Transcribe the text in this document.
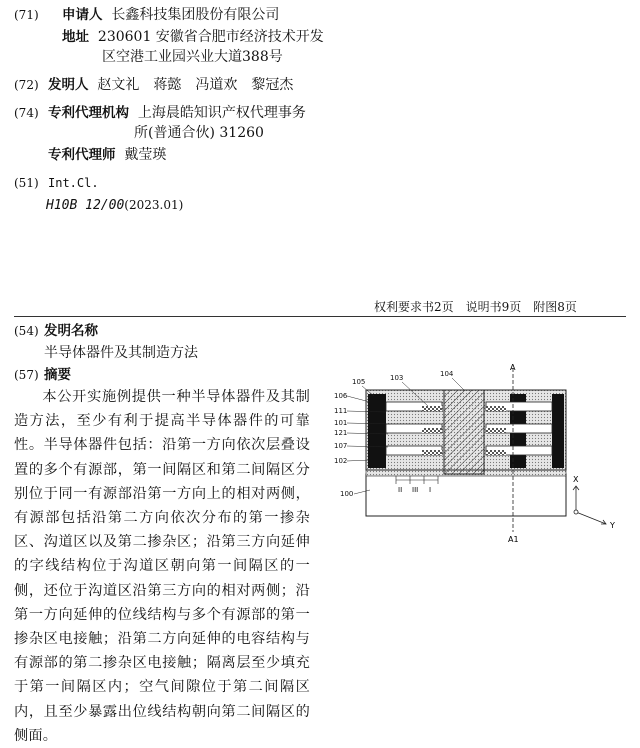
(71) 申请人 长鑫科技集团股份有限公司
地址 230601 安徽省合肥市经济技术开发
区空港工业园兴业大道388号
(72) 发明人 赵文礼　蒋懿　冯道欢　黎冠杰
(74) 专利代理机构 上海晨皓知识产权代理事务
所(普通合伙) 31260
专利代理师 戴莹瑛
(51) Int.Cl.
H10B 12/00(2023.01)
权利要求书2页　说明书9页　附图8页
(54) 发明名称
半导体器件及其制造方法
(57) 摘要
本公开实施例提供一种半导体器件及其制造方法，至少有利于提高半导体器件的可靠性。半导体器件包括：沿第一方向依次层叠设置的多个有源部，第一间隔区和第二间隔区分别位于同一有源部沿第一方向上的相对两侧，有源部包括沿第二方向依次分布的第一掺杂区、沟道区以及第二掺杂区；沿第三方向延伸的字线结构位于沟道区朝向第一间隔区的一侧，还位于沟道区沿第三方向的相对两侧；沿第一方向延伸的位线结构与多个有源部的第一掺杂区电接触；沿第二方向延伸的电容结构与有源部的第二掺杂区电接触；隔离层至少填充于第一间隔区内；空气间隙位于第二间隔区内，且至少暴露出位线结构朝向第二间隔区的侧面。
A
A1
105
106
111
101
121
107
102
103	104
100	II III I
X
Y
